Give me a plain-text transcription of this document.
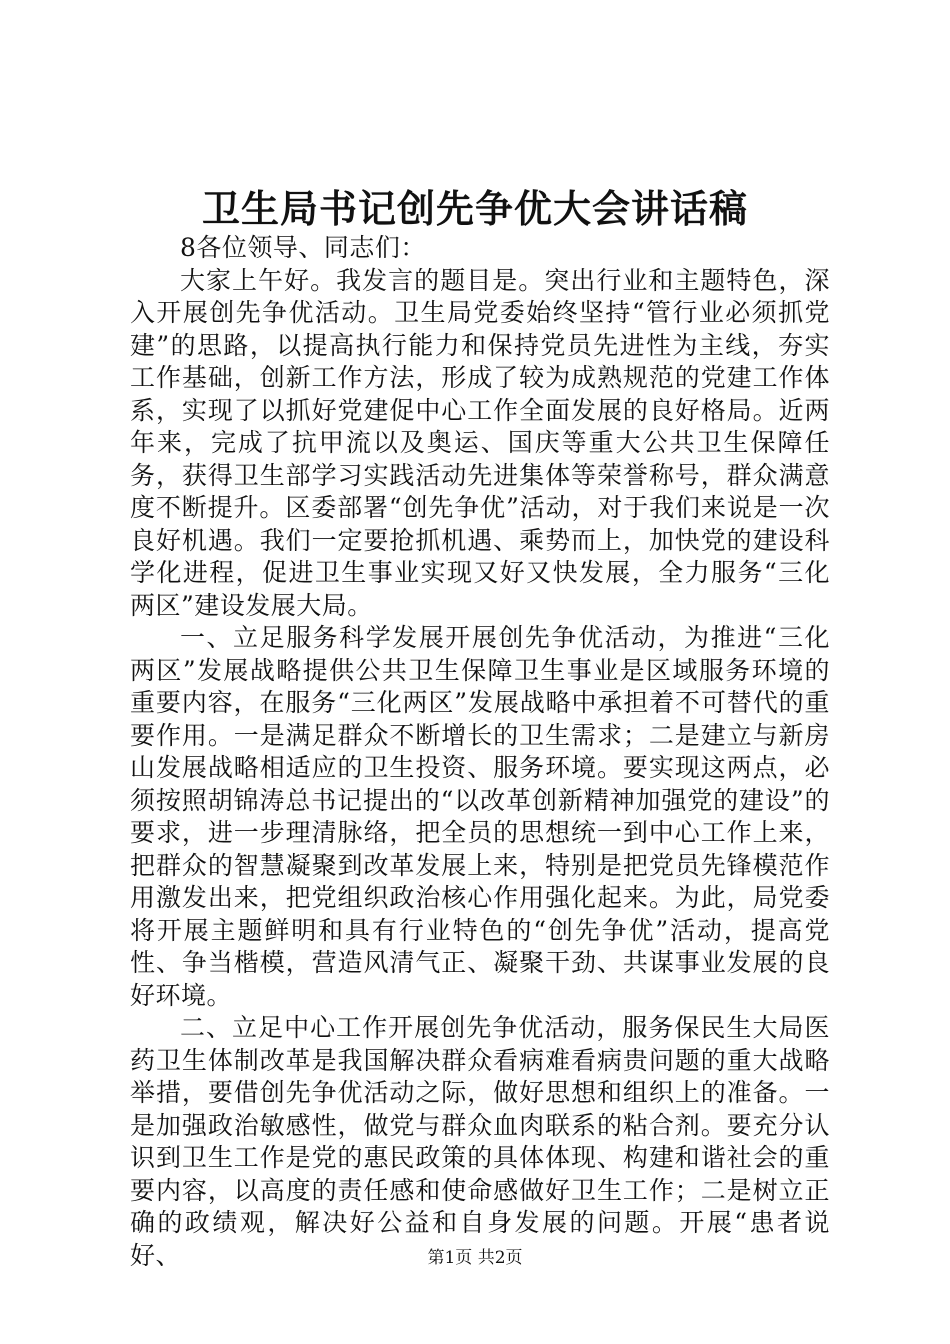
卫生局书记创先争优大会讲话稿

8各位领导、同志们：

大家上午好。我发言的题目是。突出行业和主题特色，深入开展创先争优活动。卫生局党委始终坚持“管行业必须抓党建”的思路，以提高执行能力和保持党员先进性为主线，夯实工作基础，创新工作方法，形成了较为成熟规范的党建工作体系，实现了以抓好党建促中心工作全面发展的良好格局。近两年来，完成了抗甲流以及奥运、国庆等重大公共卫生保障任务，获得卫生部学习实践活动先进集体等荣誉称号，群众满意度不断提升。区委部署“创先争优”活动，对于我们来说是一次良好机遇。我们一定要抢抓机遇、乘势而上，加快党的建设科学化进程，促进卫生事业实现又好又快发展，全力服务“三化两区”建设发展大局。

一、立足服务科学发展开展创先争优活动，为推进“三化两区”发展战略提供公共卫生保障卫生事业是区域服务环境的重要内容，在服务“三化两区”发展战略中承担着不可替代的重要作用。一是满足群众不断增长的卫生需求；二是建立与新房山发展战略相适应的卫生投资、服务环境。要实现这两点，必须按照胡锦涛总书记提出的“以改革创新精神加强党的建设”的要求，进一步理清脉络，把全员的思想统一到中心工作上来，把群众的智慧凝聚到改革发展上来，特别是把党员先锋模范作用激发出来，把党组织政治核心作用强化起来。为此，局党委将开展主题鲜明和具有行业特色的“创先争优”活动，提高党性、争当楷模，营造风清气正、凝聚干劲、共谋事业发展的良好环境。

二、立足中心工作开展创先争优活动，服务保民生大局医药卫生体制改革是我国解决群众看病难看病贵问题的重大战略举措，要借创先争优活动之际，做好思想和组织上的准备。一是加强政治敏感性，做党与群众血肉联系的粘合剂。要充分认识到卫生工作是党的惠民政策的具体体现、构建和谐社会的重要内容，以高度的责任感和使命感做好卫生工作；二是树立正确的政绩观，解决好公益和自身发展的问题。开展“患者说好、	第1页 共2页
